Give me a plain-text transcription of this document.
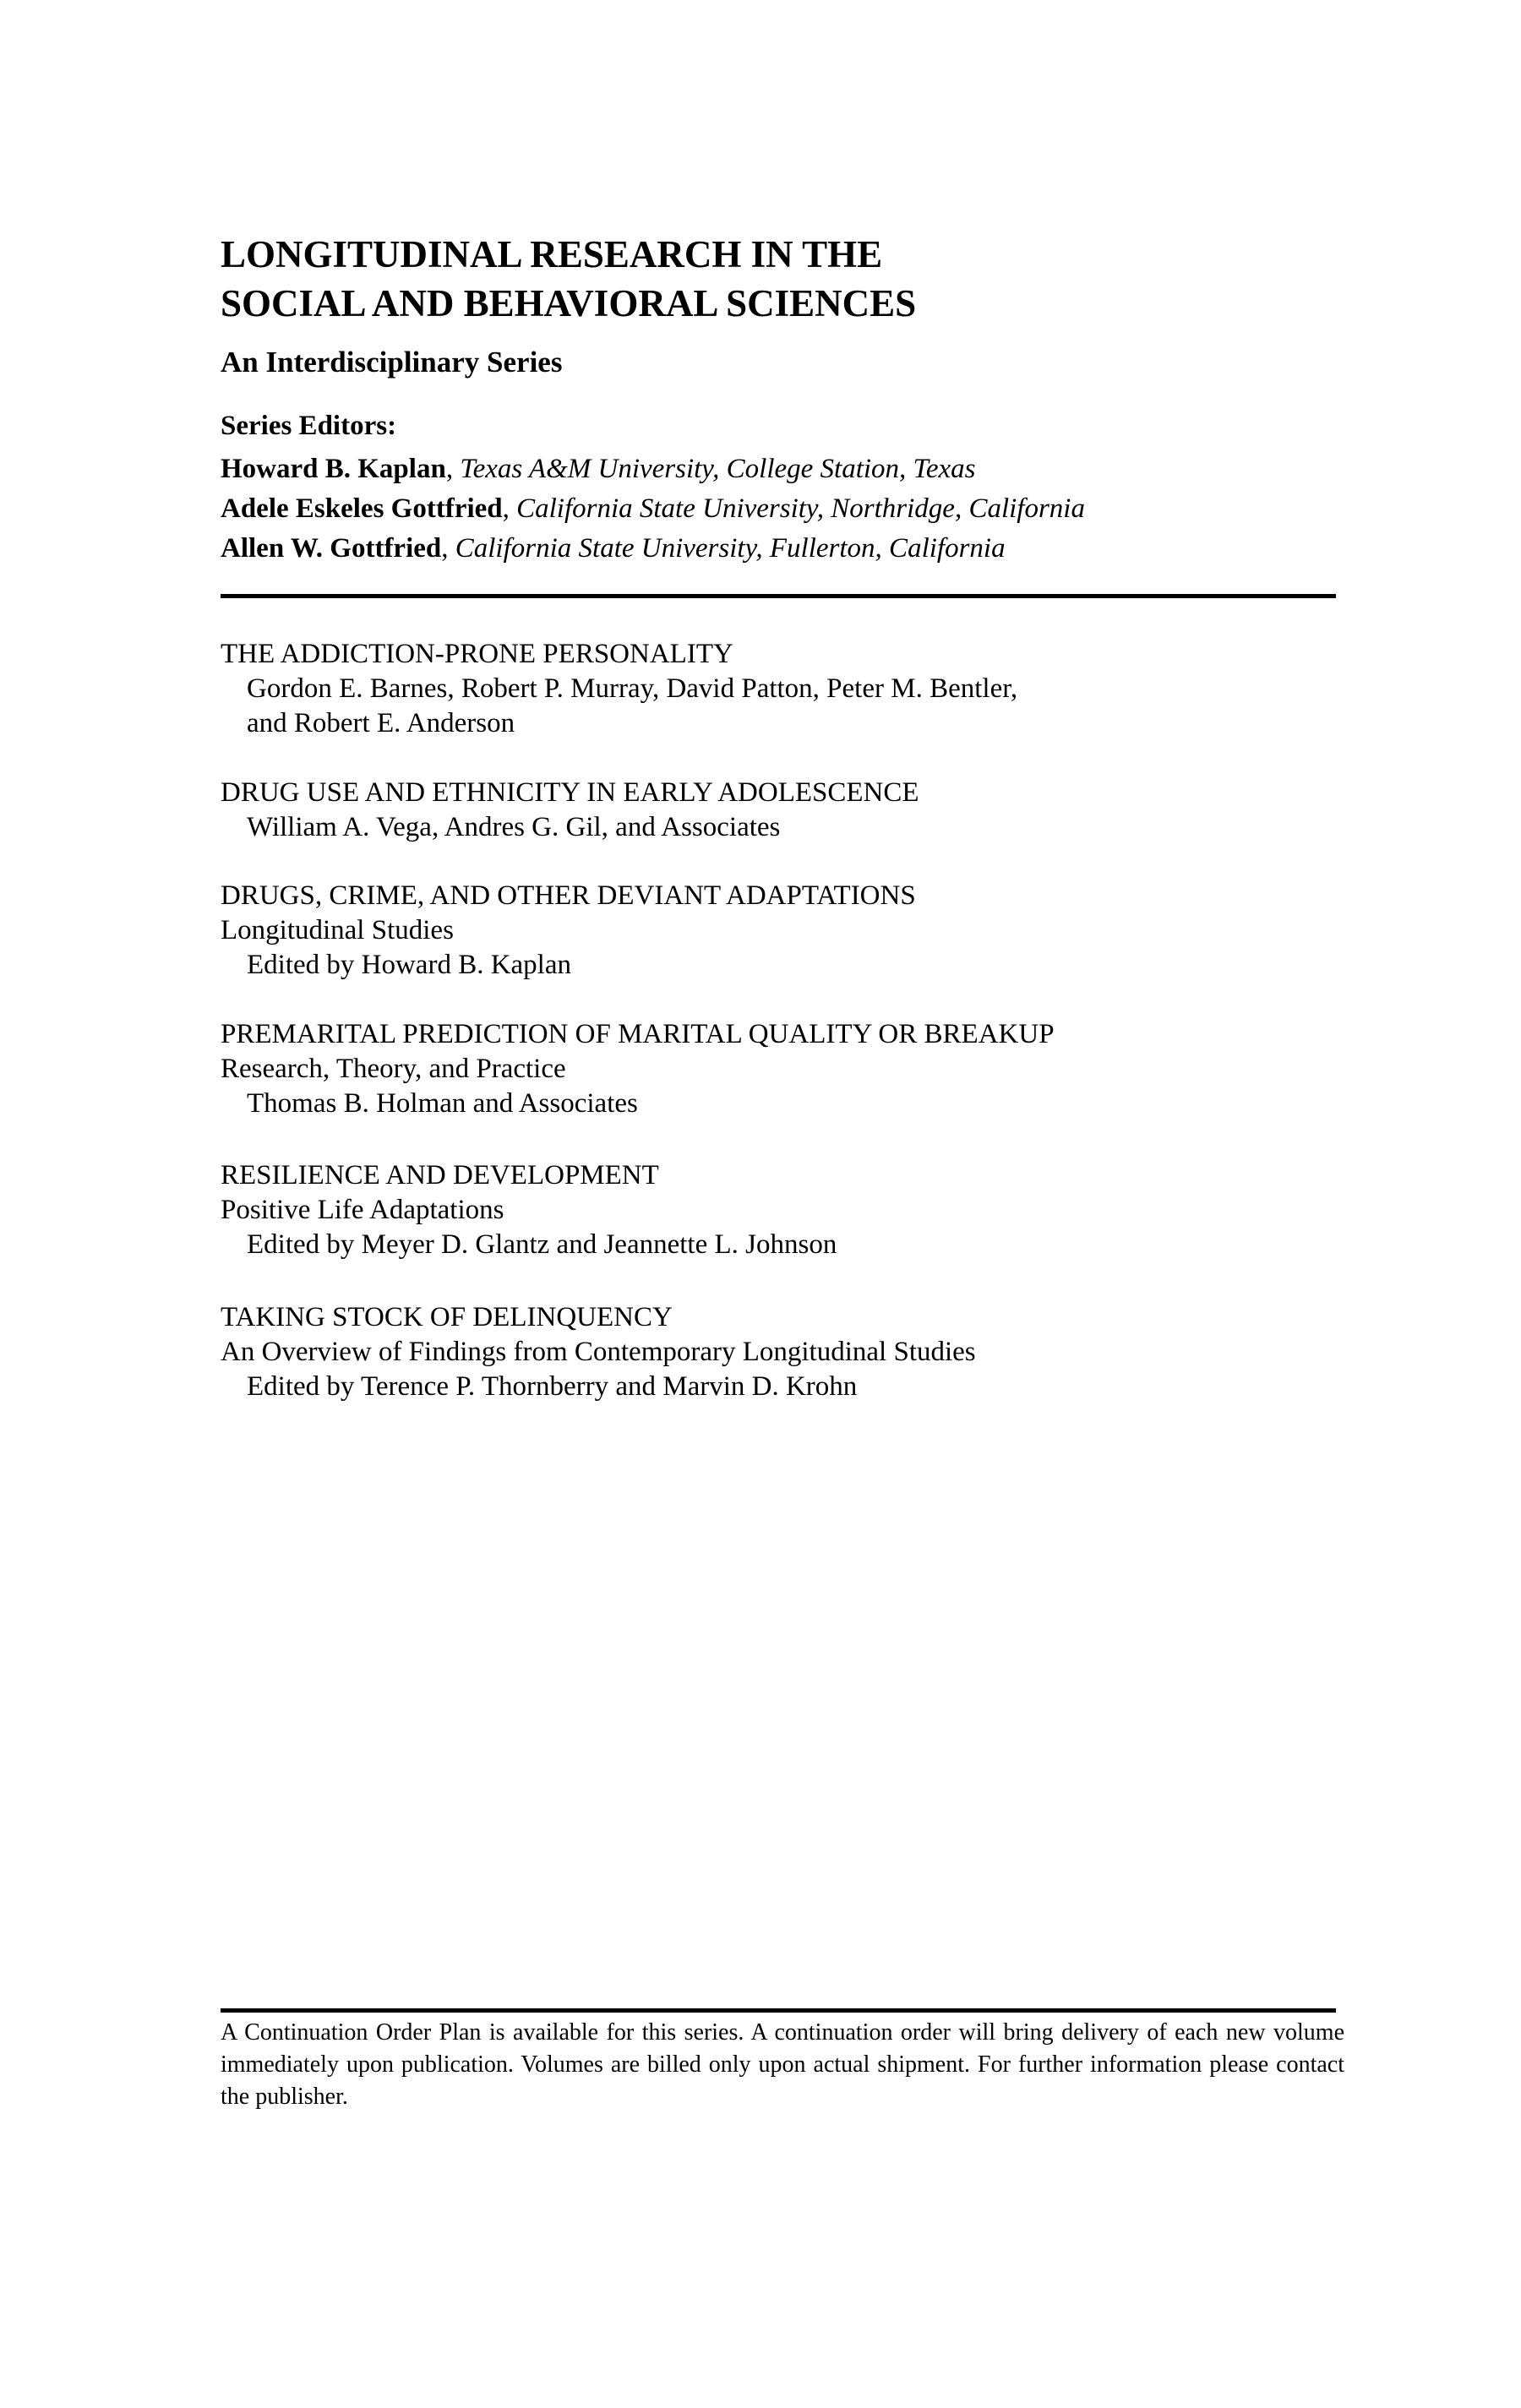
LONGITUDINAL RESEARCH IN THE
SOCIAL AND BEHAVIORAL SCIENCES
An Interdisciplinary Series
Series Editors:
Howard B. Kaplan, Texas A&M University, College Station, Texas
Adele Eskeles Gottfried, California State University, Northridge, California
Allen W. Gottfried, California State University, Fullerton, California
THE ADDICTION-PRONE PERSONALITY
Gordon E. Barnes, Robert P. Murray, David Patton, Peter M. Bentler,
and Robert E. Anderson
DRUG USE AND ETHNICITY IN EARLY ADOLESCENCE
William A. Vega, Andres G. Gil, and Associates
DRUGS, CRIME, AND OTHER DEVIANT ADAPTATIONS
Longitudinal Studies
Edited by Howard B. Kaplan
PREMARITAL PREDICTION OF MARITAL QUALITY OR BREAKUP
Research, Theory, and Practice
Thomas B. Holman and Associates
RESILIENCE AND DEVELOPMENT
Positive Life Adaptations
Edited by Meyer D. Glantz and Jeannette L. Johnson
TAKING STOCK OF DELINQUENCY
An Overview of Findings from Contemporary Longitudinal Studies
Edited by Terence P. Thornberry and Marvin D. Krohn
A Continuation Order Plan is available for this series. A continuation order will bring delivery of each new volume immediately upon publication. Volumes are billed only upon actual shipment. For further information please contact the publisher.
